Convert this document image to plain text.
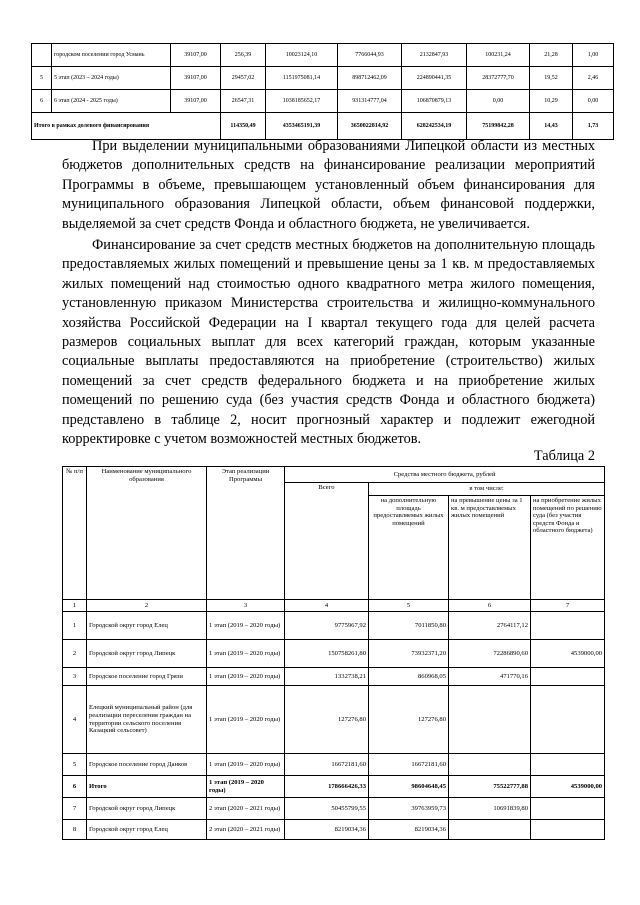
	городском поселении город Усмань	39107,00	256,39	10023124,10	7766044,93	2132847,93	100231,24	21,28	1,00
5	5 этап (2023 – 2024 годы)	39107,00	29457,02	1151975081,14	898712462,09	224890441,35	28372777,70	19,52	2,46
6	6 этап (2024 - 2025 годы)	39107,00	26547,31	1038185652,17	931314777,04	106870879,13	0,00	10,29	0,00
Итого в рамках долевого финансирования			114350,49	4353465191,39	3650022814,92	628242534,19	75199842,28	14,43	1,73

При выделении муниципальными образованиями Липецкой области из местных бюджетов дополнительных средств на финансирование реализации мероприятий Программы в объеме, превышающем установленный объем финансирования для муниципального образования Липецкой области, объем финансовой поддержки, выделяемой за счет средств Фонда и областного бюджета, не увеличивается.

Финансирование за счет средств местных бюджетов на дополнительную площадь предоставляемых жилых помещений и превышение цены за 1 кв. м предоставляемых жилых помещений над стоимостью одного квадратного метра жилого помещения, установленную приказом Министерства строительства и жилищно-коммунального хозяйства Российской Федерации на I квартал текущего года для целей расчета размеров социальных выплат для всех категорий граждан, которым указанные социальные выплаты предоставляются на приобретение (строительство) жилых помещений за счет средств федерального бюджета и на приобретение жилых помещений по решению суда (без участия средств Фонда и областного бюджета) представлено в таблице 2, носит прогнозный характер и подлежит ежегодной корректировке с учетом возможностей местных бюджетов.

Таблица 2
№ п/п	Наименование муниципального образования	Этап реализации Программы	Средства местного бюджета, рублей			
			Всего	в том числе:		
				на дополнительную площадь предоставляемых жилых помещений	на превышение цены за 1 кв. м предоставляемых жилых помещений	на приобретение жилых помещений по решению суда (без участия средств Фонда и областного бюджета)
1	2	3	4	5	6	7
1	Городской округ город Елец	1 этап (2019 – 2020 годы)	9775967,92	7011850,80	2764117,12	
2	Городской округ город Липецк	1 этап (2019 – 2020 годы)	150758261,80	73932371,20	72286890,60	4539000,00
3	Городское поселение город Грязи	1 этап (2019 – 2020 годы)	1332738,21	860968,05	471770,16	
4	Елецкий муниципальный район (для реализации переселения граждан на территории сельского поселения Казацкий сельсовет)	1 этап (2019 – 2020 годы)	127276,80	127276,80		
5	Городское поселение город Данков	1 этап (2019 – 2020 годы)	16672181,60	16672181,60		
6	Итого	1 этап (2019 – 2020 годы)	178666426,33	98604648,45	75522777,88	4539000,00
7	Городской округ город Липецк	2 этап (2020 – 2021 годы)	50455799,55	39763959,73	10691839,80	
8	Городской округ город Елец	2 этап (2020 – 2021 годы)	8219034,36	8219034,36		
